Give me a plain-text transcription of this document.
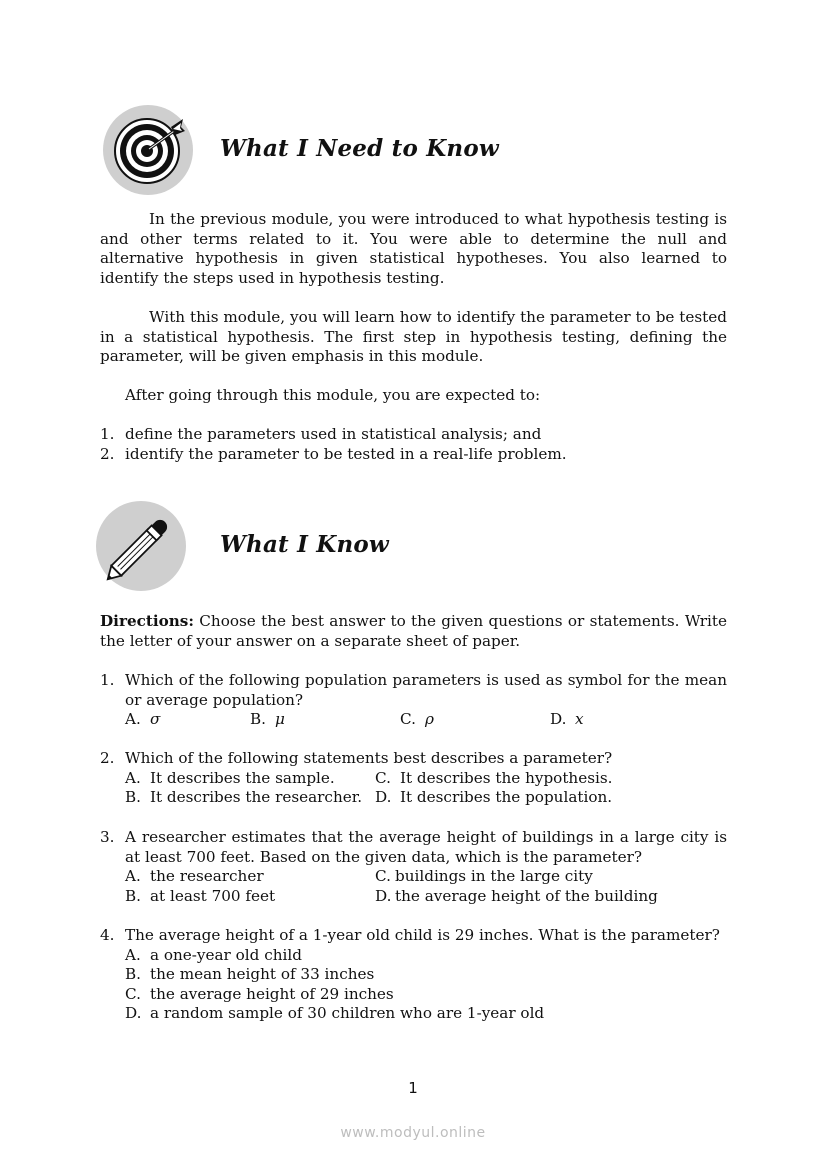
What I Need to Know

In the previous module, you were introduced to what hypothesis testing is and other terms related to it. You were able to determine the null and alternative hypothesis in given statistical hypotheses. You also learned to identify the steps used in hypothesis testing.

With this module, you will learn how to identify the parameter to be tested in a statistical hypothesis. The first step in hypothesis testing, defining the parameter, will be given emphasis in this module.

After going through this module, you are expected to:
1. define the parameters used in statistical analysis; and
2. identify the parameter to be tested in a real-life problem.
What I Know
Directions: Choose the best answer to the given questions or statements. Write the letter of your answer on a separate sheet of paper.
1. Which of the following population parameters is used as symbol for the mean or average population?
A. σ	B. μ	C. ρ	D. x
2. Which of the following statements best describes a parameter?
A. It describes the sample.	C. It describes the hypothesis.
B. It describes the researcher. D. It describes the population.
3. A researcher estimates that the average height of buildings in a large city is at least 700 feet. Based on the given data, which is the parameter?
A. the researcher	C. buildings in the large city
B. at least 700 feet	D. the average height of the building
4. The average height of a 1-year old child is 29 inches. What is the parameter?
A. a one-year old child
B. the mean height of 33 inches
C. the average height of 29 inches
D. a random sample of 30 children who are 1-year old
1
www.modyul.online
